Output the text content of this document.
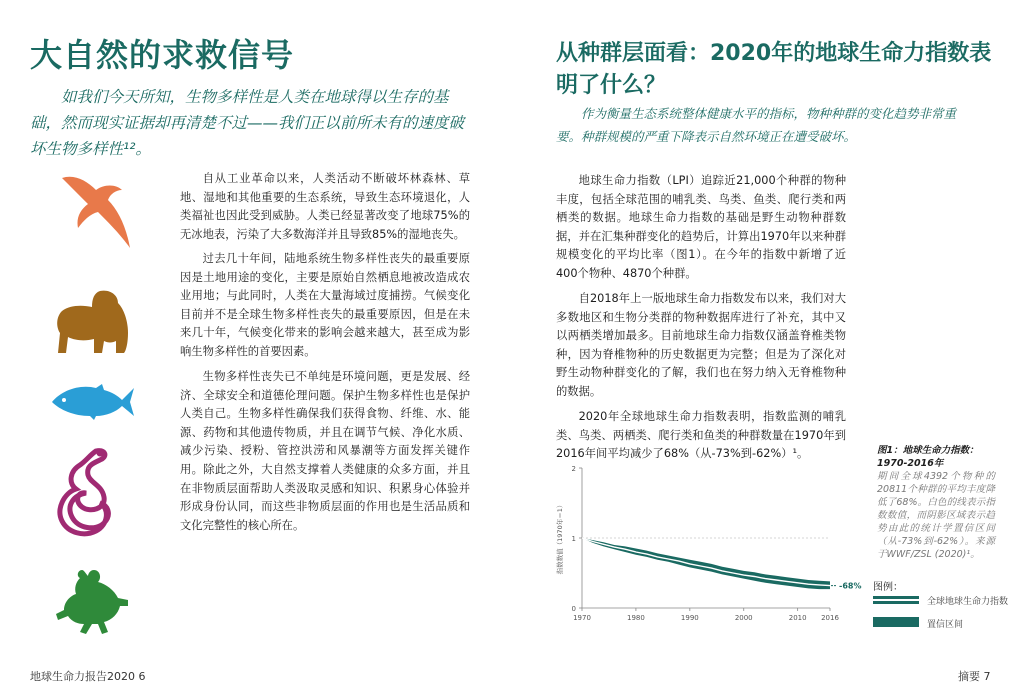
大自然的求救信号
如我们今天所知，生物多样性是人类在地球得以生存的基础，然而现实证据却再清楚不过——我们正以前所未有的速度破坏生物多样性¹²。
自从工业革命以来，人类活动不断破坏林森林、草地、湿地和其他重要的生态系统，导致生态环境退化，人类福祉也因此受到威胁。人类已经显著改变了地球75%的无冰地表，污染了大多数海洋并且导致85%的湿地丧失。
过去几十年间，陆地系统生物多样性丧失的最重要原因是土地用途的变化，主要是原始自然栖息地被改造成农业用地；与此同时，人类在大量海域过度捕捞。气候变化目前并不是全球生物多样性丧失的最重要原因，但是在未来几十年，气候变化带来的影响会越来越大，甚至成为影响生物多样性的首要因素。
生物多样性丧失已不单纯是环境问题，更是发展、经济、全球安全和道德伦理问题。保护生物多样性也是保护人类自己。生物多样性确保我们获得食物、纤维、水、能源、药物和其他遗传物质，并且在调节气候、净化水质、减少污染、授粉、管控洪涝和风暴潮等方面发挥关键作用。除此之外，大自然支撑着人类健康的众多方面，并且在非物质层面帮助人类汲取灵感和知识、积累身心体验并形成身份认同，而这些非物质层面的作用也是生活品质和文化完整性的核心所在。
地球生命力报告2020 6
从种群层面看：2020年的地球生命力指数表明了什么？
作为衡量生态系统整体健康水平的指标，物种种群的变化趋势非常重要。种群规模的严重下降表示自然环境正在遭受破坏。
地球生命力指数（LPI）追踪近21,000个种群的物种丰度，包括全球范围的哺乳类、鸟类、鱼类、爬行类和两栖类的数据。地球生命力指数的基础是野生动物种群数据，并在汇集种群变化的趋势后，计算出1970年以来种群规模变化的平均比率（图1）。在今年的指数中新增了近400个物种、4870个种群。
自2018年上一版地球生命力指数发布以来，我们对大多数地区和生物分类群的物种数据库进行了补充，其中又以两栖类增加最多。目前地球生命力指数仅涵盖脊椎类物种，因为脊椎物种的历史数据更为完整；但是为了深化对野生动物种群变化的了解，我们也在努力纳入无脊椎物种的数据。
2020年全球地球生命力指数表明，指数监测的哺乳类、鸟类、两栖类、爬行类和鱼类的种群数量在1970年到2016年间平均减少了68%（从-73%到-62%）¹。	图1：地球生命力指数：1970-2016年
期间全球4392个物种的20811个种群的平均丰度降低了68%。白色的线表示指数数值，而阴影区域表示趋势由此的统计学置信区间（从-73%到-62%）。来源于WWF/ZSL (2020)¹。
0
1
2
1970	1980	1990	2000	2010 2016
指数数值（1970年＝1）
-68% 图例：
全球地球生命力指数
置信区间
摘要 7
